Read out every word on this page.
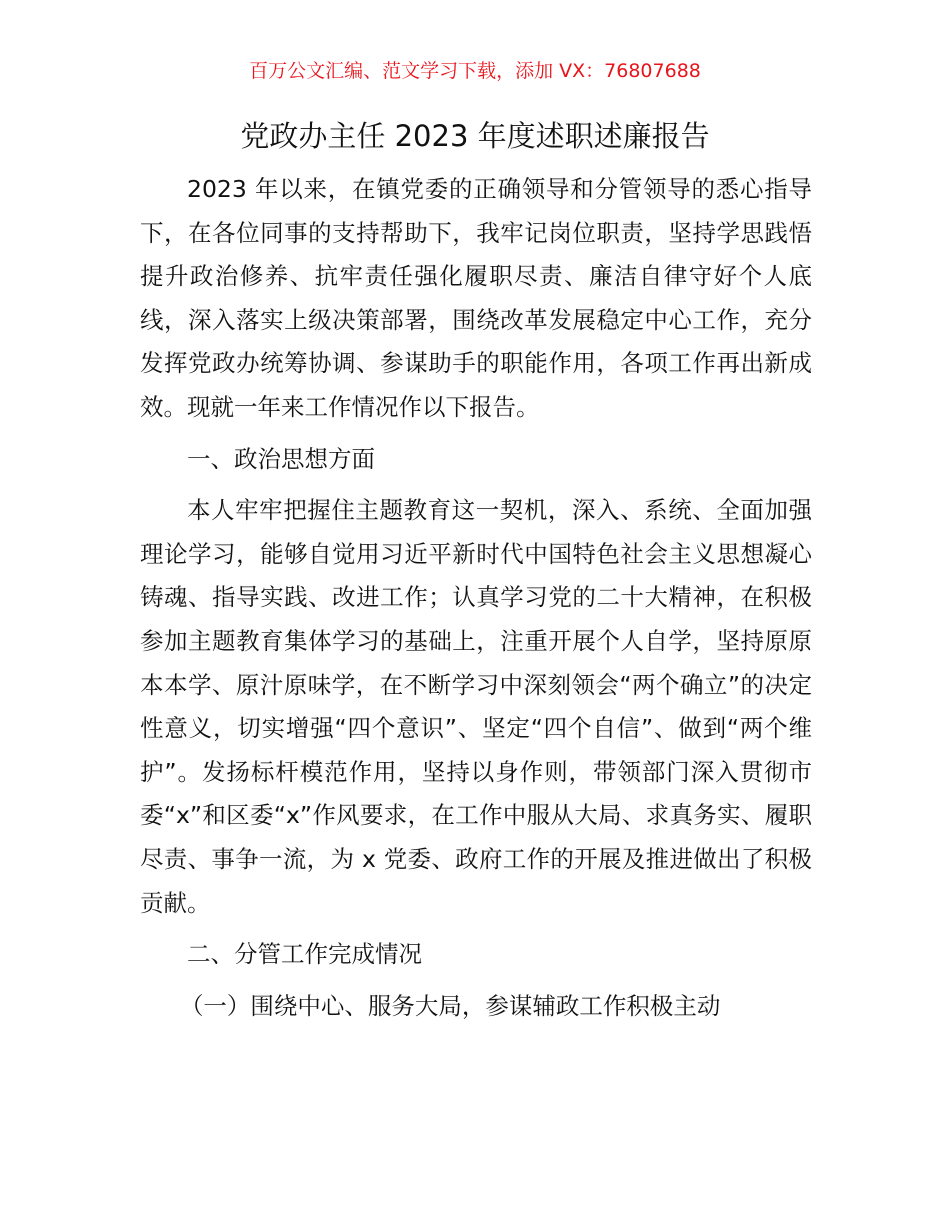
百万公文汇编、范文学习下载，添加 VX：76807688
党政办主任 2023 年度述职述廉报告

2023 年以来，在镇党委的正确领导和分管领导的悉心指导下，在各位同事的支持帮助下，我牢记岗位职责，坚持学思践悟提升政治修养、抗牢责任强化履职尽责、廉洁自律守好个人底线，深入落实上级决策部署，围绕改革发展稳定中心工作，充分发挥党政办统筹协调、参谋助手的职能作用，各项工作再出新成效。现就一年来工作情况作以下报告。

一、政治思想方面

本人牢牢把握住主题教育这一契机，深入、系统、全面加强理论学习，能够自觉用习近平新时代中国特色社会主义思想凝心铸魂、指导实践、改进工作；认真学习党的二十大精神，在积极参加主题教育集体学习的基础上，注重开展个人自学，坚持原原本本学、原汁原味学，在不断学习中深刻领会“两个确立”的决定性意义，切实增强“四个意识”、坚定“四个自信”、做到“两个维护”。发扬标杆模范作用，坚持以身作则，带领部门深入贯彻市委“x”和区委“x”作风要求，在工作中服从大局、求真务实、履职尽责、事争一流，为 x 党委、政府工作的开展及推进做出了积极贡献。

二、分管工作完成情况

（一）围绕中心、服务大局，参谋辅政工作积极主动
